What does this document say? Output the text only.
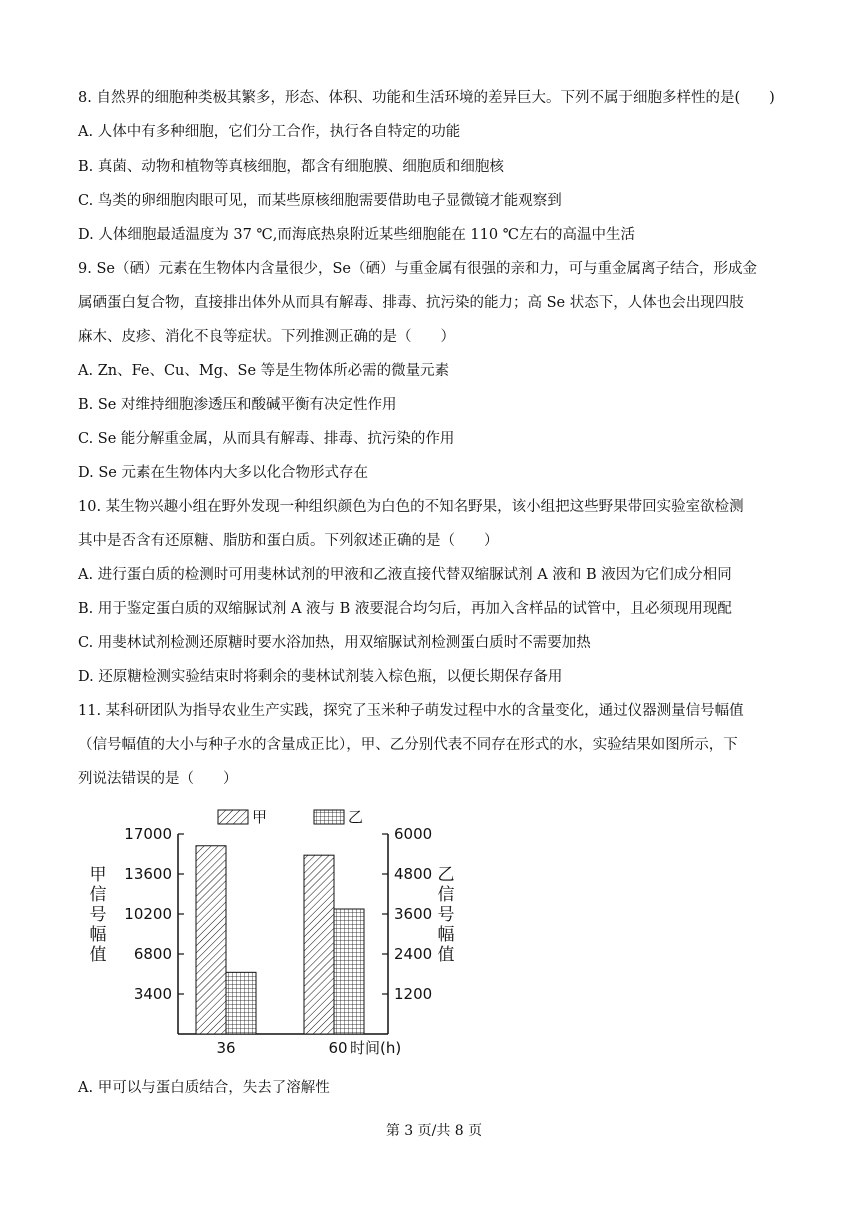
8. 自然界的细胞种类极其繁多，形态、体积、功能和生活环境的差异巨大。下列不属于细胞多样性的是(　　)
A. 人体中有多种细胞，它们分工合作，执行各自特定的功能
B. 真菌、动物和植物等真核细胞，都含有细胞膜、细胞质和细胞核
C. 鸟类的卵细胞肉眼可见，而某些原核细胞需要借助电子显微镜才能观察到
D. 人体细胞最适温度为 37 ℃,而海底热泉附近某些细胞能在 110 ℃左右的高温中生活
9. Se（硒）元素在生物体内含量很少，Se（硒）与重金属有很强的亲和力，可与重金属离子结合，形成金
属硒蛋白复合物，直接排出体外从而具有解毒、排毒、抗污染的能力；高 Se 状态下，人体也会出现四肢
麻木、皮疹、消化不良等症状。下列推测正确的是（　　）
A. Zn、Fe、Cu、Mg、Se 等是生物体所必需的微量元素
B. Se 对维持细胞渗透压和酸碱平衡有决定性作用
C. Se 能分解重金属，从而具有解毒、排毒、抗污染的作用
D. Se 元素在生物体内大多以化合物形式存在
10. 某生物兴趣小组在野外发现一种组织颜色为白色的不知名野果，该小组把这些野果带回实验室欲检测
其中是否含有还原糖、脂肪和蛋白质。下列叙述正确的是（　　）
A. 进行蛋白质的检测时可用斐林试剂的甲液和乙液直接代替双缩脲试剂 A 液和 B 液因为它们成分相同
B. 用于鉴定蛋白质的双缩脲试剂 A 液与 B 液要混合均匀后，再加入含样品的试管中，且必须现用现配
C. 用斐林试剂检测还原糖时要水浴加热，用双缩脲试剂检测蛋白质时不需要加热
D. 还原糖检测实验结束时将剩余的斐林试剂装入棕色瓶，以便长期保存备用
11. 某科研团队为指导农业生产实践，探究了玉米种子萌发过程中水的含量变化，通过仪器测量信号幅值
（信号幅值的大小与种子水的含量成正比），甲、乙分别代表不同存在形式的水，实验结果如图所示，下
列说法错误的是（　　）
3400
6800
10200
13600
17000
1200
2400
3600
4800
6000
36	60 时间(h)
甲
信
号
幅
值
乙
信
号
幅
值
甲	乙
A. 甲可以与蛋白质结合，失去了溶解性
第 3 页/共 8 页
